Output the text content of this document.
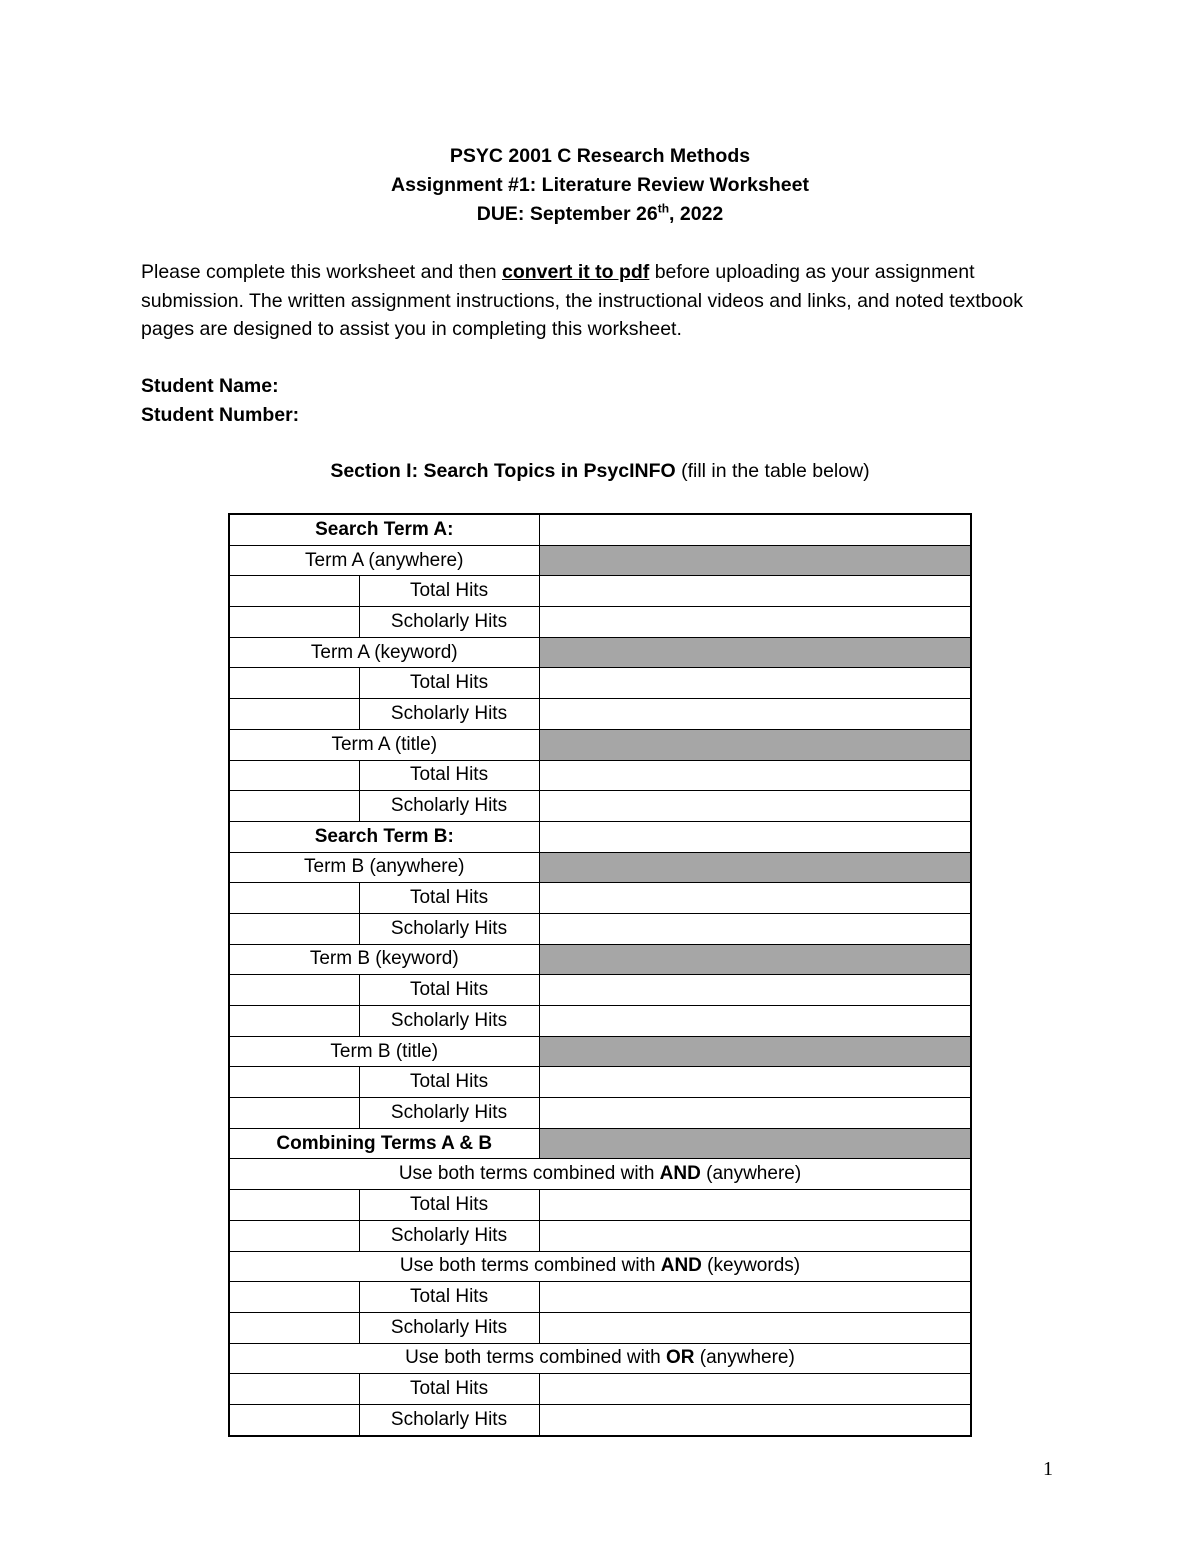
PSYC 2001 C Research Methods
Assignment #1: Literature Review Worksheet
DUE: September 26th, 2022
Please complete this worksheet and then convert it to pdf before uploading as your assignment submission. The written assignment instructions, the instructional videos and links, and noted textbook pages are designed to assist you in completing this worksheet.
Student Name:
Student Number:
Section I: Search Topics in PsycINFO (fill in the table below)
Search Term A:		
Term A (anywhere)		
	Total Hits	
	Scholarly Hits	
Term A (keyword)		
	Total Hits	
	Scholarly Hits	
Term A (title)		
	Total Hits	
	Scholarly Hits	
Search Term B:		
Term B (anywhere)		
	Total Hits	
	Scholarly Hits	
Term B (keyword)		
	Total Hits	
	Scholarly Hits	
Term B (title)		
	Total Hits	
	Scholarly Hits	
Combining Terms A & B		
Use both terms combined with AND (anywhere)		
	Total Hits	
	Scholarly Hits	
Use both terms combined with AND (keywords)		
	Total Hits	
	Scholarly Hits	
Use both terms combined with OR (anywhere)		
	Total Hits	
	Scholarly Hits	
1
